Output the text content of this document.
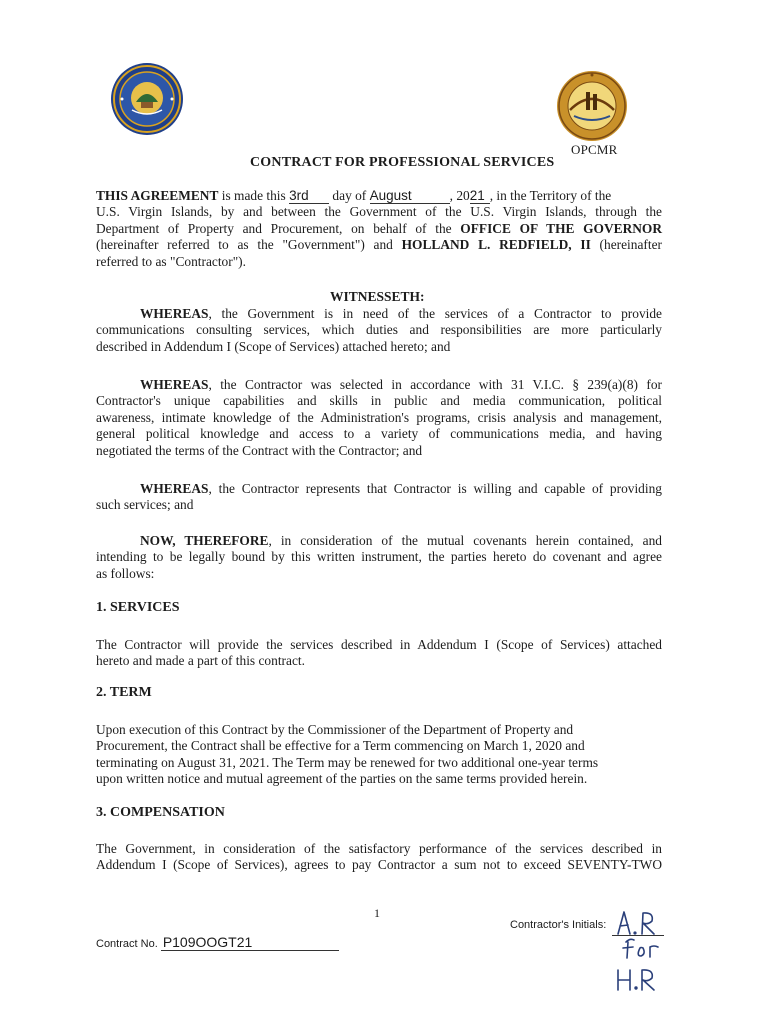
OPCMR
CONTRACT FOR PROFESSIONAL SERVICES
THIS AGREEMENT is made this 3rd day of August	, 2021 , in the Territory of the
U.S. Virgin Islands, by and between the Government of the U.S. Virgin Islands, through the
Department of Property and Procurement, on behalf of the OFFICE OF THE GOVERNOR
(hereinafter referred to as the "Government") and HOLLAND L. REDFIELD, II (hereinafter
referred to as "Contractor").
WITNESSETH:
WHEREAS, the Government is in need of the services of a Contractor to provide
communications consulting services, which duties and responsibilities are more particularly
described in Addendum I (Scope of Services) attached hereto; and
WHEREAS, the Contractor was selected in accordance with 31 V.I.C. § 239(a)(8) for
Contractor's unique capabilities and skills in public and media communication, political
awareness, intimate knowledge of the Administration's programs, crisis analysis and management,
general political knowledge and access to a variety of communications media, and having
negotiated the terms of the Contract with the Contractor; and
WHEREAS, the Contractor represents that Contractor is willing and capable of providing
such services; and
NOW, THEREFORE, in consideration of the mutual covenants herein contained, and
intending to be legally bound by this written instrument, the parties hereto do covenant and agree
as follows:
1. SERVICES
The Contractor will provide the services described in Addendum I (Scope of Services) attached
hereto and made a part of this contract.
2. TERM
Upon execution of this Contract by the Commissioner of the Department of Property and
Procurement, the Contract shall be effective for a Term commencing on March 1, 2020 and
terminating on August 31, 2021. The Term may be renewed for two additional one-year terms
upon written notice and mutual agreement of the parties on the same terms provided herein.
3. COMPENSATION
The Government, in consideration of the satisfactory performance of the services described in
Addendum I (Scope of Services), agrees to pay Contractor a sum not to exceed SEVENTY-TWO
1
Contract No. P109OOGT21
Contractor's Initials:
